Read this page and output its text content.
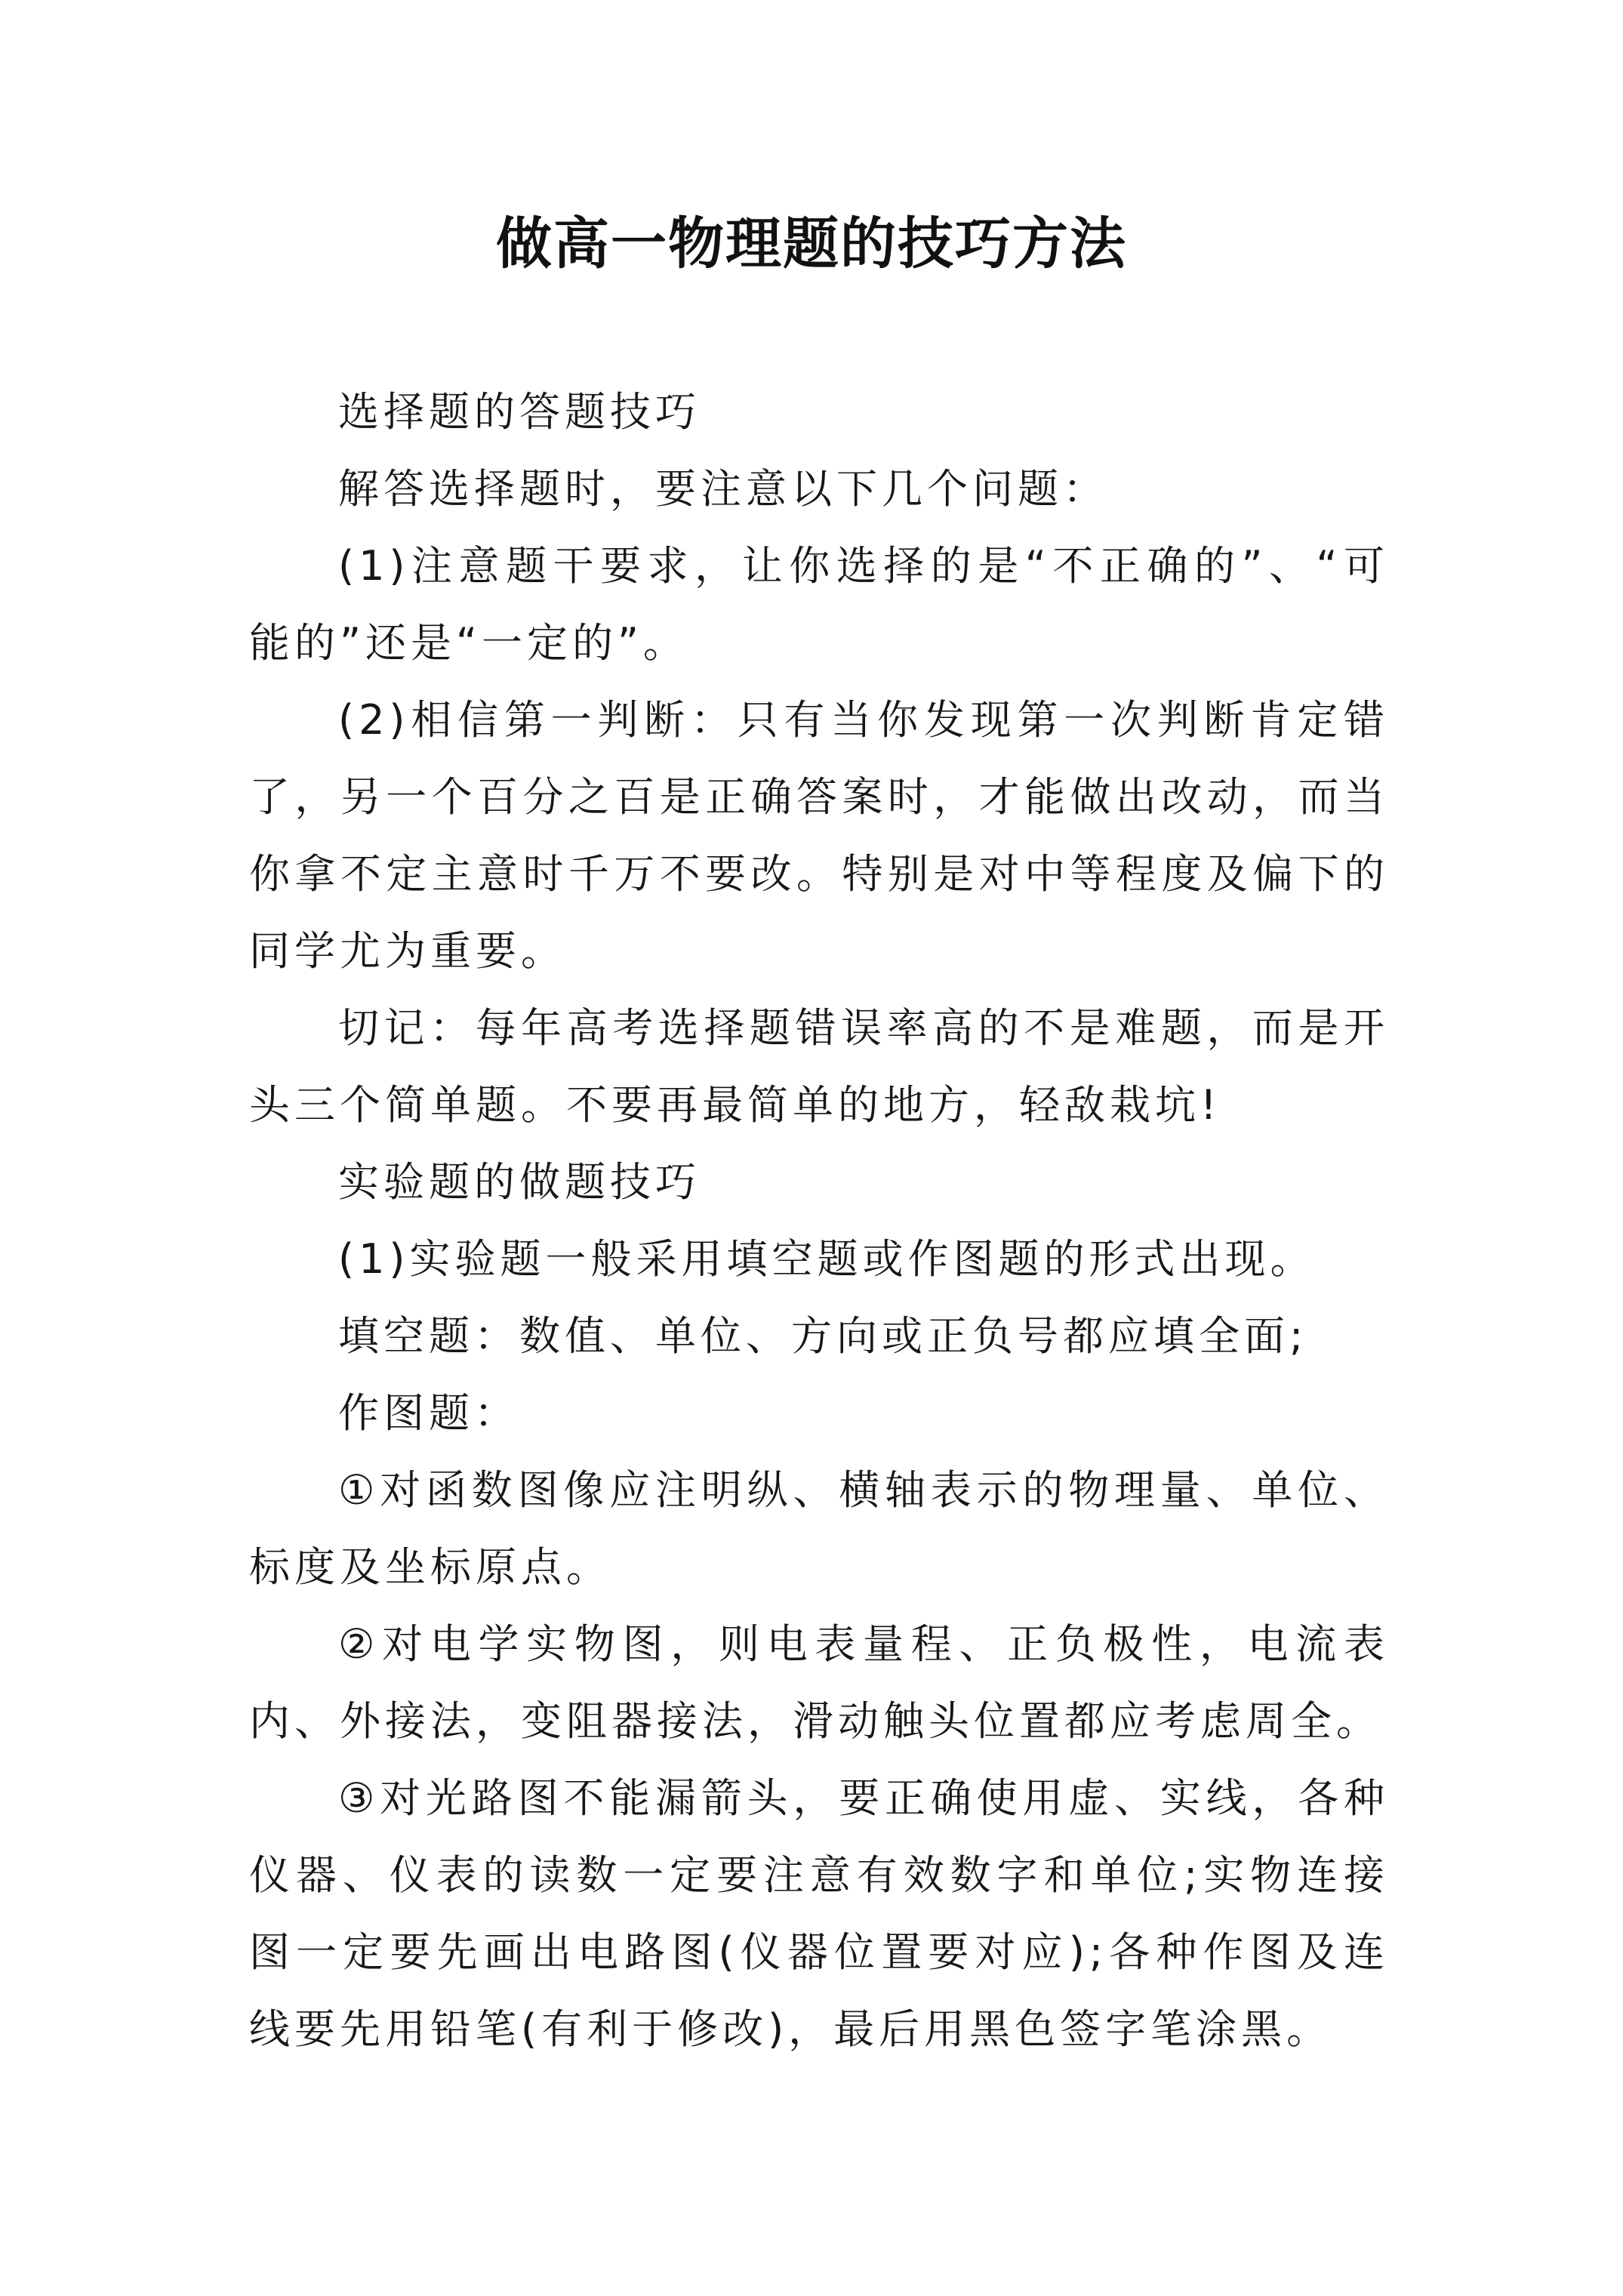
做高一物理题的技巧方法

选择题的答题技巧

解答选择题时，要注意以下几个问题：

(1)注意题干要求，让你选择的是“不正确的”、“可能的”还是“一定的”。

(2)相信第一判断：只有当你发现第一次判断肯定错了，另一个百分之百是正确答案时，才能做出改动，而当你拿不定主意时千万不要改。特别是对中等程度及偏下的同学尤为重要。

切记：每年高考选择题错误率高的不是难题，而是开头三个简单题。不要再最简单的地方，轻敌栽坑!

实验题的做题技巧

(1)实验题一般采用填空题或作图题的形式出现。

填空题：数值、单位、方向或正负号都应填全面;

作图题：

①对函数图像应注明纵、横轴表示的物理量、单位、标度及坐标原点。

②对电学实物图，则电表量程、正负极性，电流表内、外接法，变阻器接法，滑动触头位置都应考虑周全。

③对光路图不能漏箭头，要正确使用虚、实线，各种仪器、仪表的读数一定要注意有效数字和单位;实物连接图一定要先画出电路图(仪器位置要对应);各种作图及连线要先用铅笔(有利于修改)，最后用黑色签字笔涂黑。
